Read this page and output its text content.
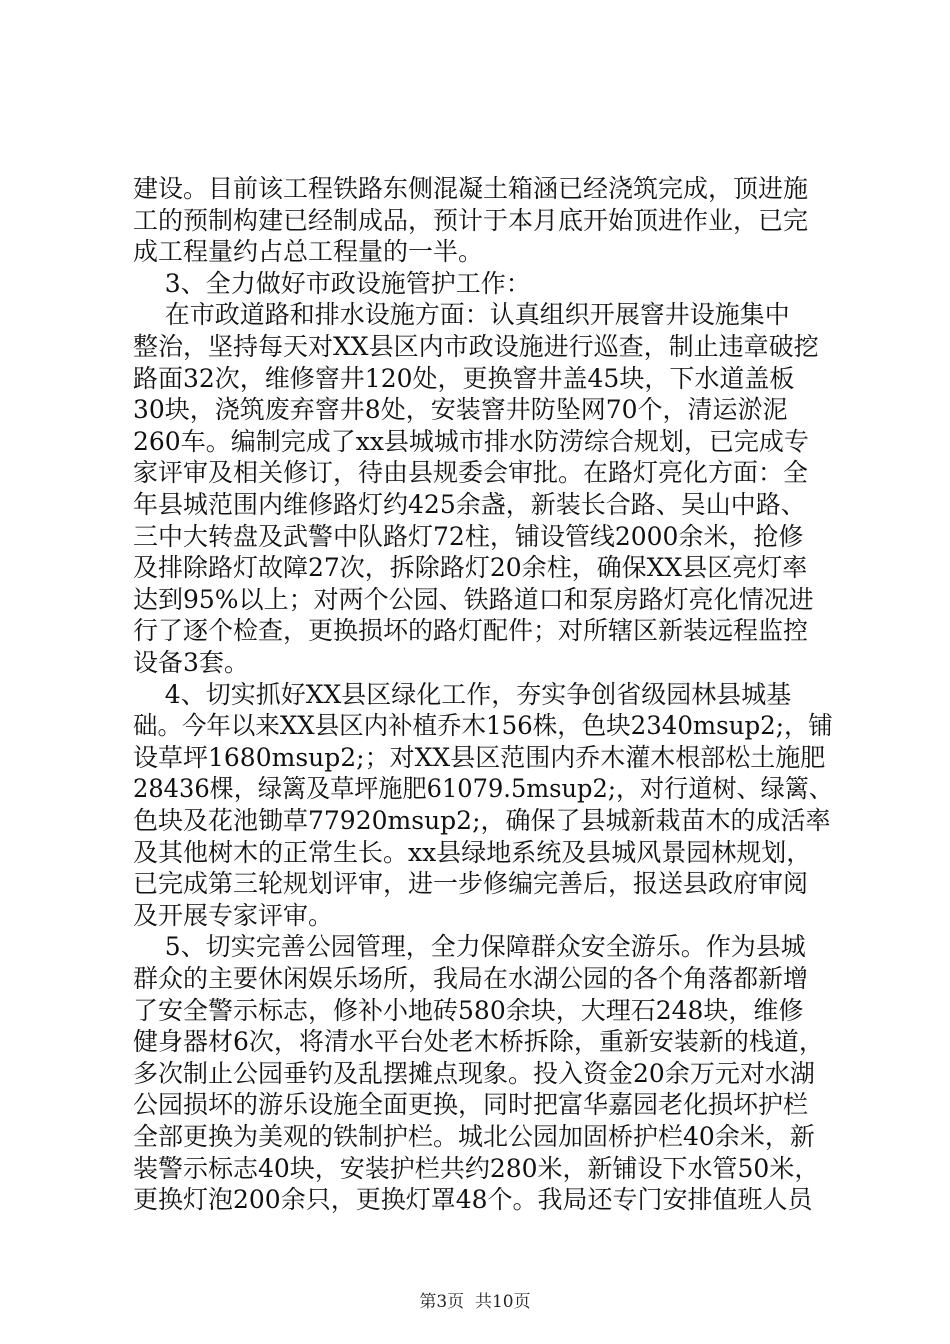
建设。目前该工程铁路东侧混凝土箱涵已经浇筑完成，顶进施
工的预制构建已经制成品，预计于本月底开始顶进作业，已完
成工程量约占总工程量的一半。
3、全力做好市政设施管护工作：
在市政道路和排水设施方面：认真组织开展窨井设施集中
整治，坚持每天对XX县区内市政设施进行巡查，制止违章破挖
路面32次，维修窨井120处，更换窨井盖45块，下水道盖板
30块，浇筑废弃窨井8处，安装窨井防坠网70个，清运淤泥
260车。编制完成了xx县城城市排水防涝综合规划，已完成专
家评审及相关修订，待由县规委会审批。在路灯亮化方面：全
年县城范围内维修路灯约425余盏，新装长合路、吴山中路、
三中大转盘及武警中队路灯72柱，铺设管线2000余米，抢修
及排除路灯故障27次，拆除路灯20余柱，确保XX县区亮灯率
达到95%以上；对两个公园、铁路道口和泵房路灯亮化情况进
行了逐个检查，更换损坏的路灯配件；对所辖区新装远程监控
设备3套。
4、切实抓好XX县区绿化工作，夯实争创省级园林县城基
础。今年以来XX县区内补植乔木156株，色块2340msup2;，铺
设草坪1680msup2;；对XX县区范围内乔木灌木根部松土施肥
28436棵，绿篱及草坪施肥61079.5msup2;，对行道树、绿篱、
色块及花池锄草77920msup2;，确保了县城新栽苗木的成活率
及其他树木的正常生长。xx县绿地系统及县城风景园林规划，
已完成第三轮规划评审，进一步修编完善后，报送县政府审阅
及开展专家评审。
5、切实完善公园管理，全力保障群众安全游乐。作为县城
群众的主要休闲娱乐场所，我局在水湖公园的各个角落都新增
了安全警示标志，修补小地砖580余块，大理石248块，维修
健身器材6次，将清水平台处老木桥拆除，重新安装新的栈道，
多次制止公园垂钓及乱摆摊点现象。投入资金20余万元对水湖
公园损坏的游乐设施全面更换，同时把富华嘉园老化损坏护栏
全部更换为美观的铁制护栏。城北公园加固桥护栏40余米，新
装警示标志40块，安装护栏共约280米，新铺设下水管50米，
更换灯泡200余只，更换灯罩48个。我局还专门安排值班人员
第3页  共10页
